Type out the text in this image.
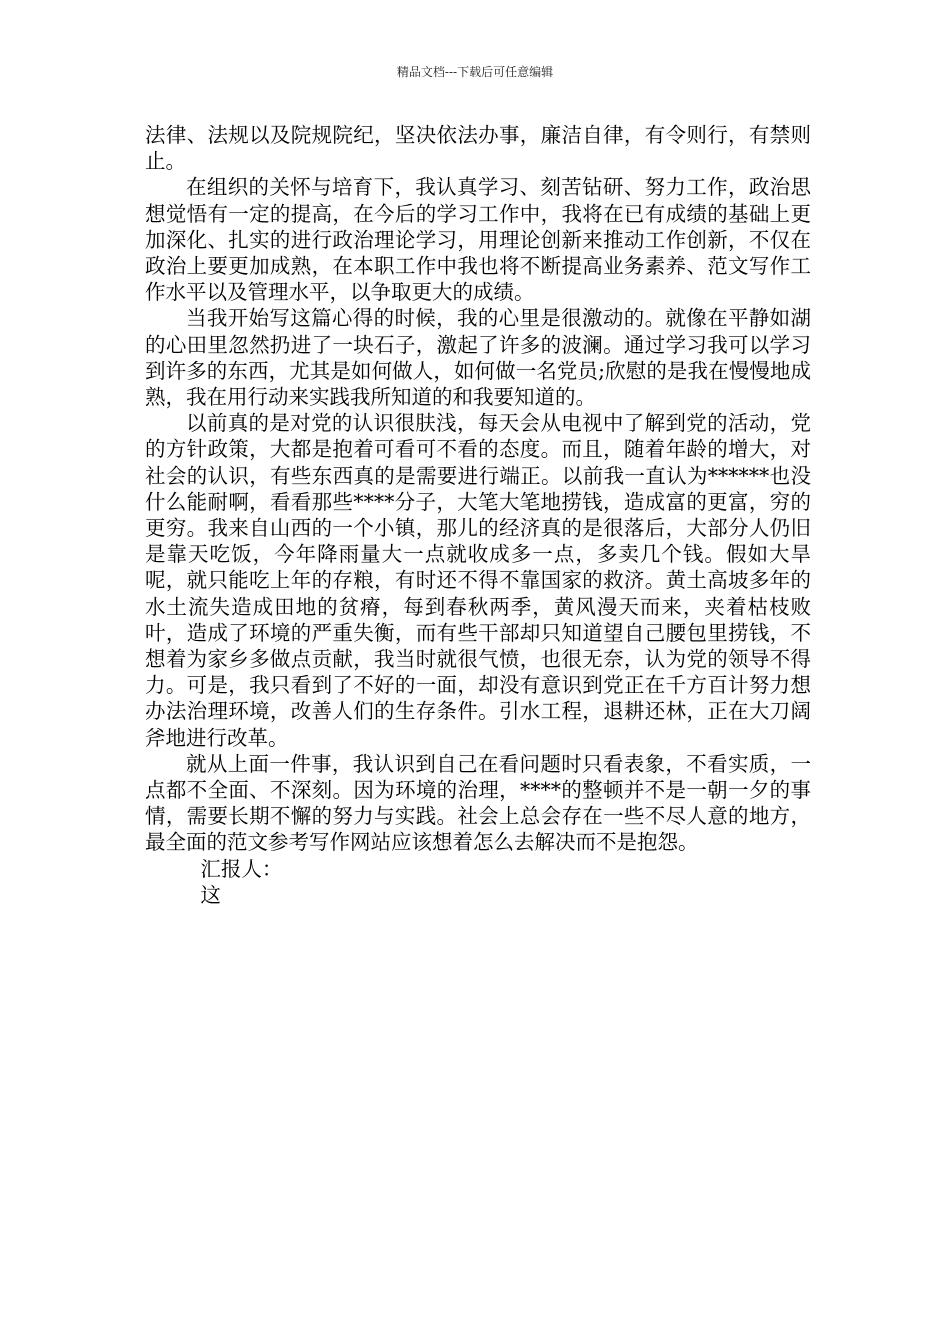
精品文档---下载后可任意编辑

法律、法规以及院规院纪，坚决依法办事，廉洁自律，有令则行，有禁则止。

在组织的关怀与培育下，我认真学习、刻苦钻研、努力工作，政治思想觉悟有一定的提高，在今后的学习工作中，我将在已有成绩的基础上更加深化、扎实的进行政治理论学习，用理论创新来推动工作创新，不仅在政治上要更加成熟，在本职工作中我也将不断提高业务素养、范文写作工作水平以及管理水平，以争取更大的成绩。

当我开始写这篇心得的时候，我的心里是很激动的。就像在平静如湖的心田里忽然扔进了一块石子，激起了许多的波澜。通过学习我可以学习到许多的东西，尤其是如何做人，如何做一名党员;欣慰的是我在慢慢地成熟，我在用行动来实践我所知道的和我要知道的。

以前真的是对党的认识很肤浅，每天会从电视中了解到党的活动，党的方针政策，大都是抱着可看可不看的态度。而且，随着年龄的增大，对社会的认识，有些东西真的是需要进行端正。以前我一直认为******也没什么能耐啊，看看那些****分子，大笔大笔地捞钱，造成富的更富，穷的更穷。我来自山西的一个小镇，那儿的经济真的是很落后，大部分人仍旧是靠天吃饭，今年降雨量大一点就收成多一点，多卖几个钱。假如大旱呢，就只能吃上年的存粮，有时还不得不靠国家的救济。黄土高坡多年的水土流失造成田地的贫瘠，每到春秋两季，黄风漫天而来，夹着枯枝败叶，造成了环境的严重失衡，而有些干部却只知道望自己腰包里捞钱，不想着为家乡多做点贡献，我当时就很气愤，也很无奈，认为党的领导不得力。可是，我只看到了不好的一面，却没有意识到党正在千方百计努力想办法治理环境，改善人们的生存条件。引水工程，退耕还林，正在大刀阔斧地进行改革。

就从上面一件事，我认识到自己在看问题时只看表象，不看实质，一点都不全面、不深刻。因为环境的治理，****的整顿并不是一朝一夕的事情，需要长期不懈的努力与实践。社会上总会存在一些不尽人意的地方，最全面的范文参考写作网站应该想着怎么去解决而不是抱怨。

汇报人：

这
